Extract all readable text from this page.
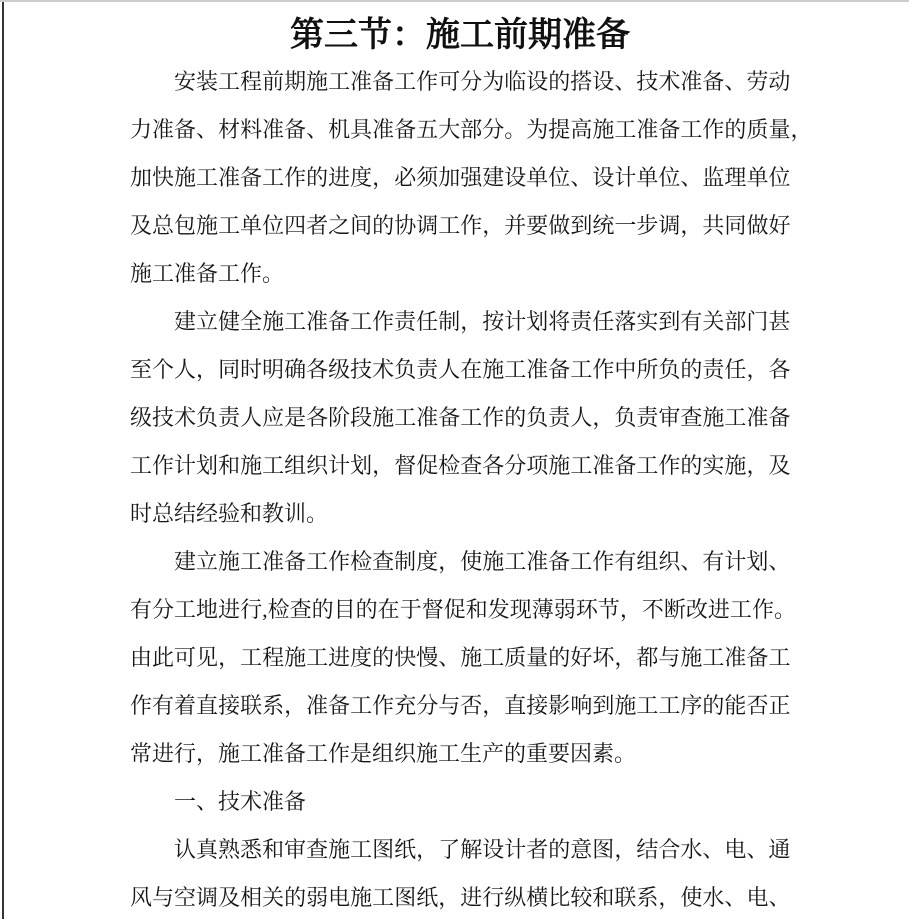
第三节：施工前期准备
安 装 工 程 前 期 施 工 准 备 工 作 可 分 为 临 设 的 搭 设 、 技 术 准 备 、 劳 动
力 准 备 、 材 料 准 备 、 机 具 准 备 五 大 部 分 。 为 提 高 施 工 准 备 工 作 的 质 量 ，
加 快 施 工 准 备 工 作 的 进 度 ， 必 须 加 强 建 设 单 位 、 设 计 单 位 、 监 理 单 位
及 总 包 施 工 单 位 四 者 之 间 的 协 调 工 作 ， 并 要 做 到 统 一 步 调 ， 共 同 做 好
施工准备工作。
建 立 健 全 施 工 准 备 工 作 责 任 制 ， 按 计 划 将 责 任 落 实 到 有 关 部 门 甚
至 个 人 ， 同 时 明 确 各 级 技 术 负 责 人 在 施 工 准 备 工 作 中 所 负 的 责 任 ， 各
级 技 术 负 责 人 应 是 各 阶 段 施 工 准 备 工 作 的 负 责 人 ， 负 责 审 查 施 工 准 备
工 作 计 划 和 施 工 组 织 计 划 ， 督 促 检 查 各 分 项 施 工 准 备 工 作 的 实 施 ， 及
时总结经验和教训。
建 立 施 工 准 备 工 作 检 查 制 度 ， 使 施 工 准 备 工 作 有 组 织 、 有 计 划 、
有 分 工 地 进 行 , 检 查 的 目 的 在 于 督 促 和 发 现 薄 弱 环 节 ， 不 断 改 进 工 作 。
由 此 可 见 ， 工 程 施 工 进 度 的 快 慢 、 施 工 质 量 的 好 坏 ， 都 与 施 工 准 备 工
作 有 着 直 接 联 系 ， 准 备 工 作 充 分 与 否 ， 直 接 影 响 到 施 工 工 序 的 能 否 正
常进行，施工准备工作是组织施工生产的重要因素。
一、技术准备
认 真 熟 悉 和 审 查 施 工 图 纸 ， 了 解 设 计 者 的 意 图 ， 结 合 水 、 电 、 通
风 与 空 调 及 相 关 的 弱 电 施 工 图 纸 ， 进 行 纵 横 比 较 和 联 系 ， 使 水 、 电 、
